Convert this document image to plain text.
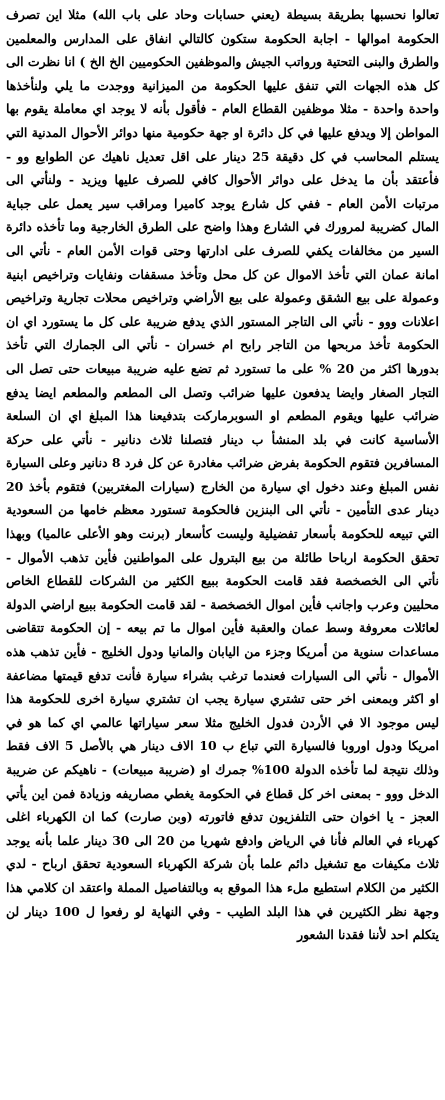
تعالوا نحسبها بطريقة بسيطة (يعني حسابات وحاد على باب الله) مثلا اين تصرف الحكومة اموالها - اجابة الحكومة ستكون كالتالي انفاق على المدارس والمعلمين والطرق والبنى التحتية ورواتب الجيش والموظفين الحكوميين الخ الخ ) انا نظرت الى كل هذه الجهات التي تنفق عليها الحكومة من الميزانية ووجدت ما يلي ولنأخذها واحدة واحدة - مثلا موظفين القطاع العام - فأقول بأنه لا يوجد اي معاملة يقوم بها المواطن إلا ويدفع عليها في كل دائرة او جهة حكومية منها دوائر الأحوال المدنية التي يستلم المحاسب في كل دقيقة 25 دينار على اقل تعديل ناهيك عن الطوابع وو - فأعتقد بأن ما يدخل على دوائر الأحوال كافي للصرف عليها ويزيد - ولنأتي الى مرتبات الأمن العام - ففي كل شارع يوجد كاميرا ومراقب سير يعمل على جباية المال كضريبة لمرورك في الشارع وهذا واضح على الطرق الخارجية وما تأخذه دائرة السير من مخالفات يكفي للصرف على ادارتها وحتى قوات الأمن العام - نأتي الى امانة عمان التي تأخذ الاموال عن كل محل وتأخذ مسقفات ونفايات وتراخيص ابنية وعمولة على بيع الشقق وعمولة على بيع الأراضي وتراخيص محلات تجارية وتراخيص اعلانات ووو - نأتي الى التاجر المستور الذي يدفع ضريبة على كل ما يستورد اي ان الحكومة تأخذ مربحها من التاجر رابح ام خسران - نأتي الى الجمارك التي تأخذ بدورها اكثر من 20 % على ما تستورد ثم تضع عليه ضريبة مبيعات حتى تصل الى التجار الصغار وايضا يدفعون عليها ضرائب وتصل الى المطعم والمطعم ايضا يدفع ضرائب عليها ويقوم المطعم او السوبرماركت بتدفيعنا هذا المبلغ اي ان السلعة الأساسية كانت في بلد المنشأ ب دينار فتصلنا ثلاث دنانير - نأتي على حركة المسافرين فتقوم الحكومة بفرض ضرائب مغادرة عن كل فرد 8 دنانير وعلى السيارة نفس المبلغ وعند دخول اي سيارة من الخارج (سيارات المغتربين) فتقوم بأخذ 20 دينار عدى التأمين - نأتي الى البنزين فالحكومة تستورد معظم خامها من السعودية التي تبيعه للحكومة بأسعار تفضيلية وليست كأسعار (برنت وهو الأعلى عالميا) وبهذا تحقق الحكومة ارباحا طائلة من بيع البترول على المواطنين فأين تذهب الأموال - نأتي الى الخصخصة فقد قامت الحكومة ببيع الكثير من الشركات للقطاع الخاص محليين وعرب واجانب فأين اموال الخصخصة - لقد قامت الحكومة ببيع اراضي الدولة لعائلات معروفة وسط عمان والعقبة فأين اموال ما تم بيعه - إن الحكومة تتقاضى مساعدات سنوية من أمريكا وجزء من اليابان والمانيا ودول الخليج - فأين تذهب هذه الأموال - نأتي الى السيارات فعندما ترغب بشراء سيارة فأنت تدفع قيمتها مضاعفة او اكثر وبمعنى اخر حتى تشتري سيارة يجب ان تشتري سيارة اخرى للحكومة هذا ليس موجود الا في الأردن فدول الخليج مثلا سعر سياراتها عالمي اي كما هو في امريكا ودول اوروبا فالسيارة التي تباع ب 10 الاف دينار هي بالأصل 5 الاف فقط وذلك نتيجة لما تأخذه الدولة 100% جمرك او (ضريبة مبيعات) - ناهيكم عن ضريبة الدخل ووو - بمعنى اخر كل قطاع في الحكومة يغطي مصاريفه وزيادة فمن اين يأتي العجز - يا اخوان حتى التلفزيون تدفع فاتورته (وبن صارت) كما ان الكهرباء اغلى كهرباء في العالم فأنا في الرياض وادفع شهريا من 20 الى 30 دينار علما بأنه يوجد ثلاث مكيفات مع تشغيل دائم علما بأن شركة الكهرباء السعودية تحقق ارباح - لدي الكثير من الكلام استطيع ملء هذا الموقع به وبالتفاصيل المملة واعتقد ان كلامي هذا وجهة نظر الكثيرين في هذا البلد الطيب - وفي النهاية لو رفعوا ل 100 دينار لن يتكلم احد لأننا فقدنا الشعور
